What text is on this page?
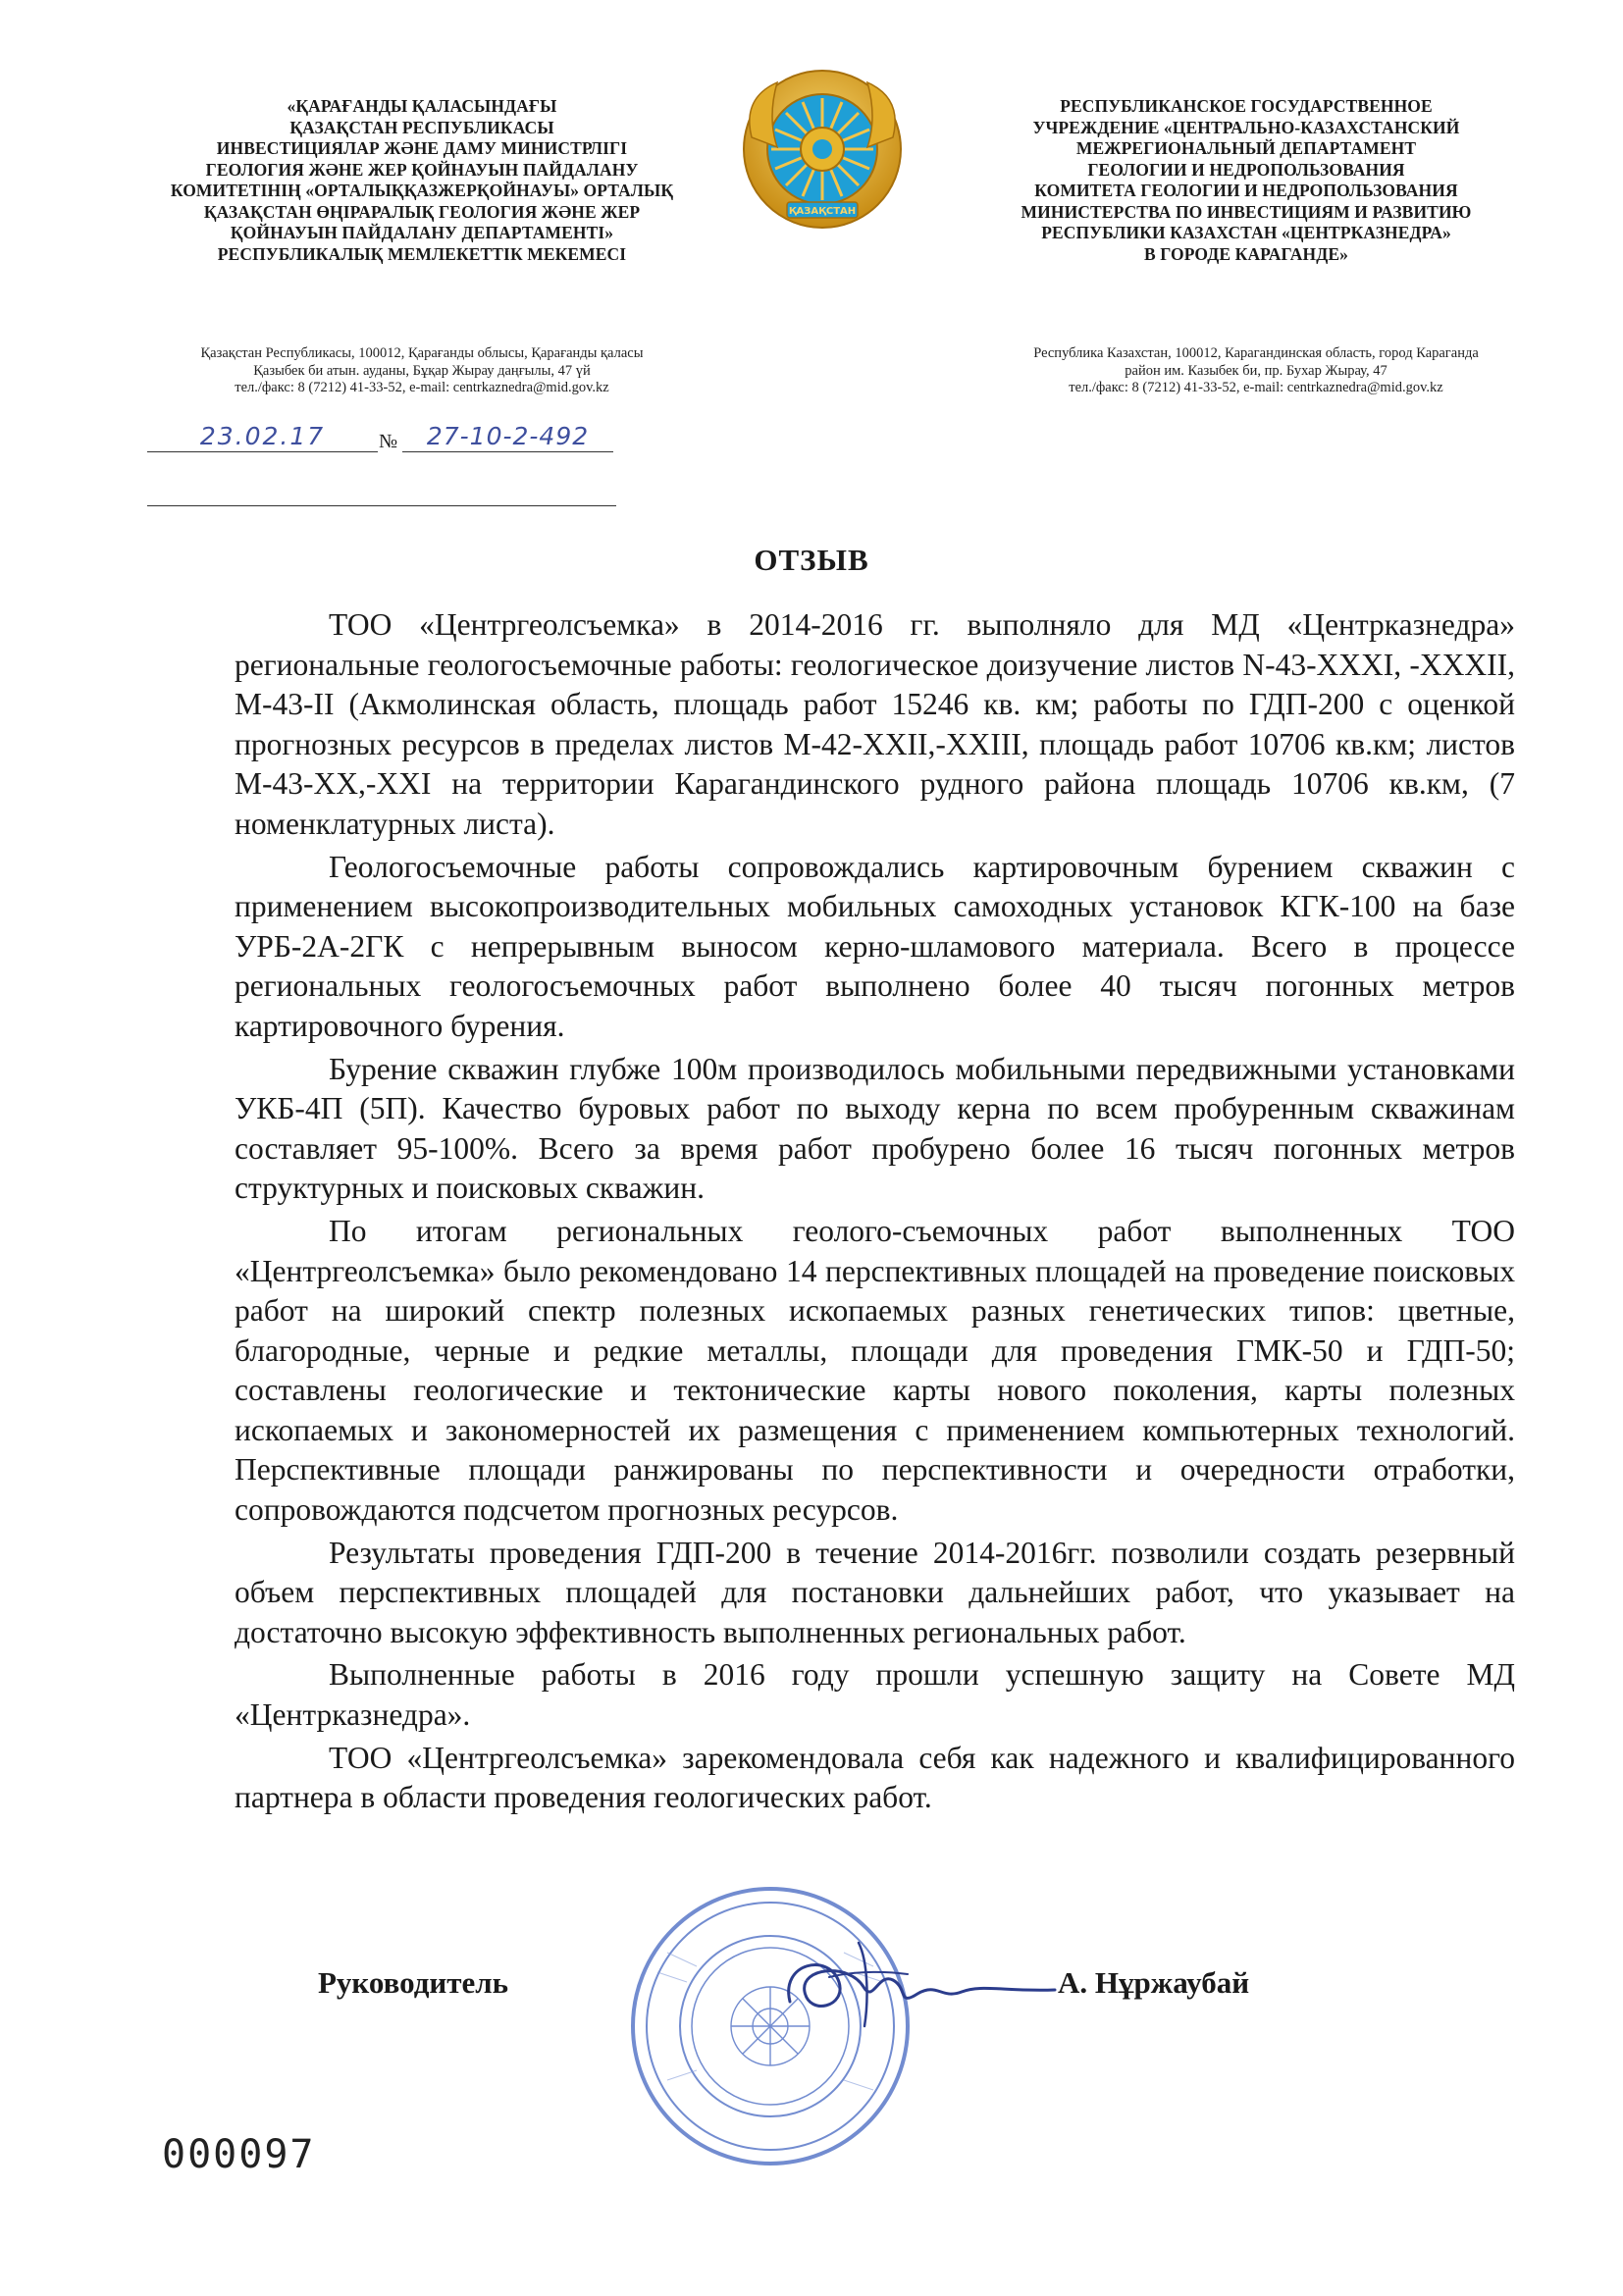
«ҚАРАҒАНДЫ ҚАЛАСЫНДАҒЫ
ҚАЗАҚСТАН РЕСПУБЛИКАСЫ
ИНВЕСТИЦИЯЛАР ЖӘНЕ ДАМУ МИНИСТРЛІГІ
ГЕОЛОГИЯ ЖӘНЕ ЖЕР ҚОЙНАУЫН ПАЙДАЛАНУ
КОМИТЕТІНІҢ «ОРТАЛЫҚҚАЗЖЕРҚОЙНАУЫ» ОРТАЛЫҚ
ҚАЗАҚСТАН ӨҢІРАРАЛЫҚ ГЕОЛОГИЯ ЖӘНЕ ЖЕР
ҚОЙНАУЫН ПАЙДАЛАНУ ДЕПАРТАМЕНТІ»
РЕСПУБЛИКАЛЫҚ МЕМЛЕКЕТТІК МЕКЕМЕСІ
ҚАЗАҚСТАН
РЕСПУБЛИКАНСКОЕ ГОСУДАРСТВЕННОЕ
УЧРЕЖДЕНИЕ «ЦЕНТРАЛЬНО-КАЗАХСТАНСКИЙ
МЕЖРЕГИОНАЛЬНЫЙ ДЕПАРТАМЕНТ
ГЕОЛОГИИ И НЕДРОПОЛЬЗОВАНИЯ
КОМИТЕТА ГЕОЛОГИИ И НЕДРОПОЛЬЗОВАНИЯ
МИНИСТЕРСТВА ПО ИНВЕСТИЦИЯМ И РАЗВИТИЮ
РЕСПУБЛИКИ КАЗАХСТАН «ЦЕНТРКАЗНЕДРА»
В ГОРОДЕ КАРАГАНДЕ»
Қазақстан Республикасы, 100012, Қарағанды облысы, Қарағанды қаласы
Қазыбек би атын. ауданы, Бұқар Жырау даңғылы, 47 үй
тел./факс: 8 (7212) 41-33-52, e-mail: centrkaznedra@mid.gov.kz
Республика Казахстан, 100012, Карагандинская область, город Караганда
район им. Казыбек би, пр. Бухар Жырау, 47
тел./факс: 8 (7212) 41-33-52, e-mail: centrkaznedra@mid.gov.kz
23.02.17	№	27-10-2-492
ОТЗЫВ

ТОО «Центргеолсъемка» в 2014-2016 гг. выполняло для МД «Центрказнедра» региональные геологосъемочные работы: геологическое доизучение листов N-43-XXXI, -XXXII, M-43-II (Акмолинская область, площадь работ 15246 кв. км; работы по ГДП-200 с оценкой прогнозных ресурсов в пределах листов M-42-XXII,-XXIII, площадь работ 10706 кв.км; листов M-43-XX,-XXI на территории Карагандинского рудного района площадь 10706 кв.км, (7 номенклатурных листа).

Геологосъемочные работы сопровождались картировочным бурением скважин с применением высокопроизводительных мобильных самоходных установок КГК-100 на базе УРБ-2А-2ГК с непрерывным выносом керно-шламового материала. Всего в процессе региональных геологосъемочных работ выполнено более 40 тысяч погонных метров картировочного бурения.

Бурение скважин глубже 100м производилось мобильными передвижными установками УКБ-4П (5П). Качество буровых работ по выходу керна по всем пробуренным скважинам составляет 95-100%. Всего за время работ пробурено более 16 тысяч погонных метров структурных и поисковых скважин.

По итогам региональных геолого-съемочных работ выполненных ТОО «Центргеолсъемка» было рекомендовано 14 перспективных площадей на проведение поисковых работ на широкий спектр полезных ископаемых разных генетических типов: цветные, благородные, черные и редкие металлы, площади для проведения ГМК-50 и ГДП-50; составлены геологические и тектонические карты нового поколения, карты полезных ископаемых и закономерностей их размещения с применением компьютерных технологий. Перспективные площади ранжированы по перспективности и очередности отработки, сопровождаются подсчетом прогнозных ресурсов.

Результаты проведения ГДП-200 в течение 2014-2016гг. позволили создать резервный объем перспективных площадей для постановки дальнейших работ, что указывает на достаточно высокую эффективность выполненных региональных работ.

Выполненные работы в 2016 году прошли успешную защиту на Совете МД «Центрказнедра».

ТОО «Центргеолсъемка» зарекомендовала себя как надежного и квалифицированного партнера в области проведения геологических работ.

Руководитель	А. Нұржаубай
000097
